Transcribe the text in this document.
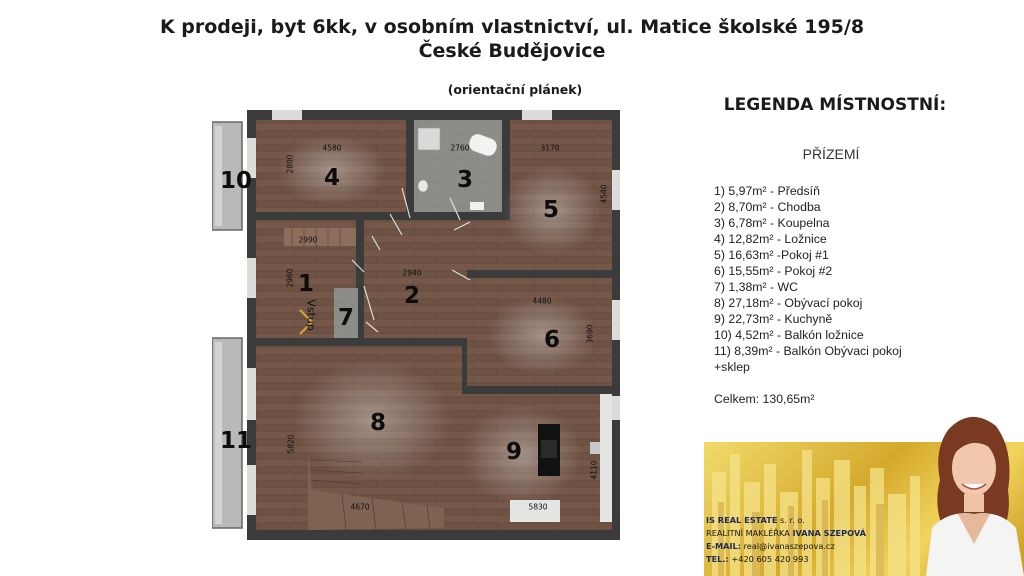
K prodeji, byt 6kk, v osobním vlastnictví, ul. Matice školské 195/8
České Budějovice
(orientační plánek)
10	4	3
5
1	2
7
6
11
8
9
4580
2800
2760	3170
4540
2990
2960	2940
4480
3690
5820
4670	5830
4110
Vstup
LEGENDA MÍSTNOSTNÍ:
PŘÍZEMÍ
1) 5,97m² - Předsíň
2) 8,70m² - Chodba
3) 6,78m² - Koupelna
4) 12,82m² - Ložnice
5) 16,63m² -Pokoj #1
6) 15,55m² - Pokoj #2
7) 1,38m² - WC
8) 27,18m² - Obývací pokoj
9) 22,73m² - Kuchyně
10) 4,52m² - Balkón ložnice
11) 8,39m² - Balkón Obývaci pokoj
+sklep
Celkem: 130,65m²
IS REAL ESTATE s. r. o.
REALITNÍ MAKLÉŘKA IVANA SZEPOVÁ
E-MAIL: real@ivanaszepova.cz
TEL.: +420 605 420 993
